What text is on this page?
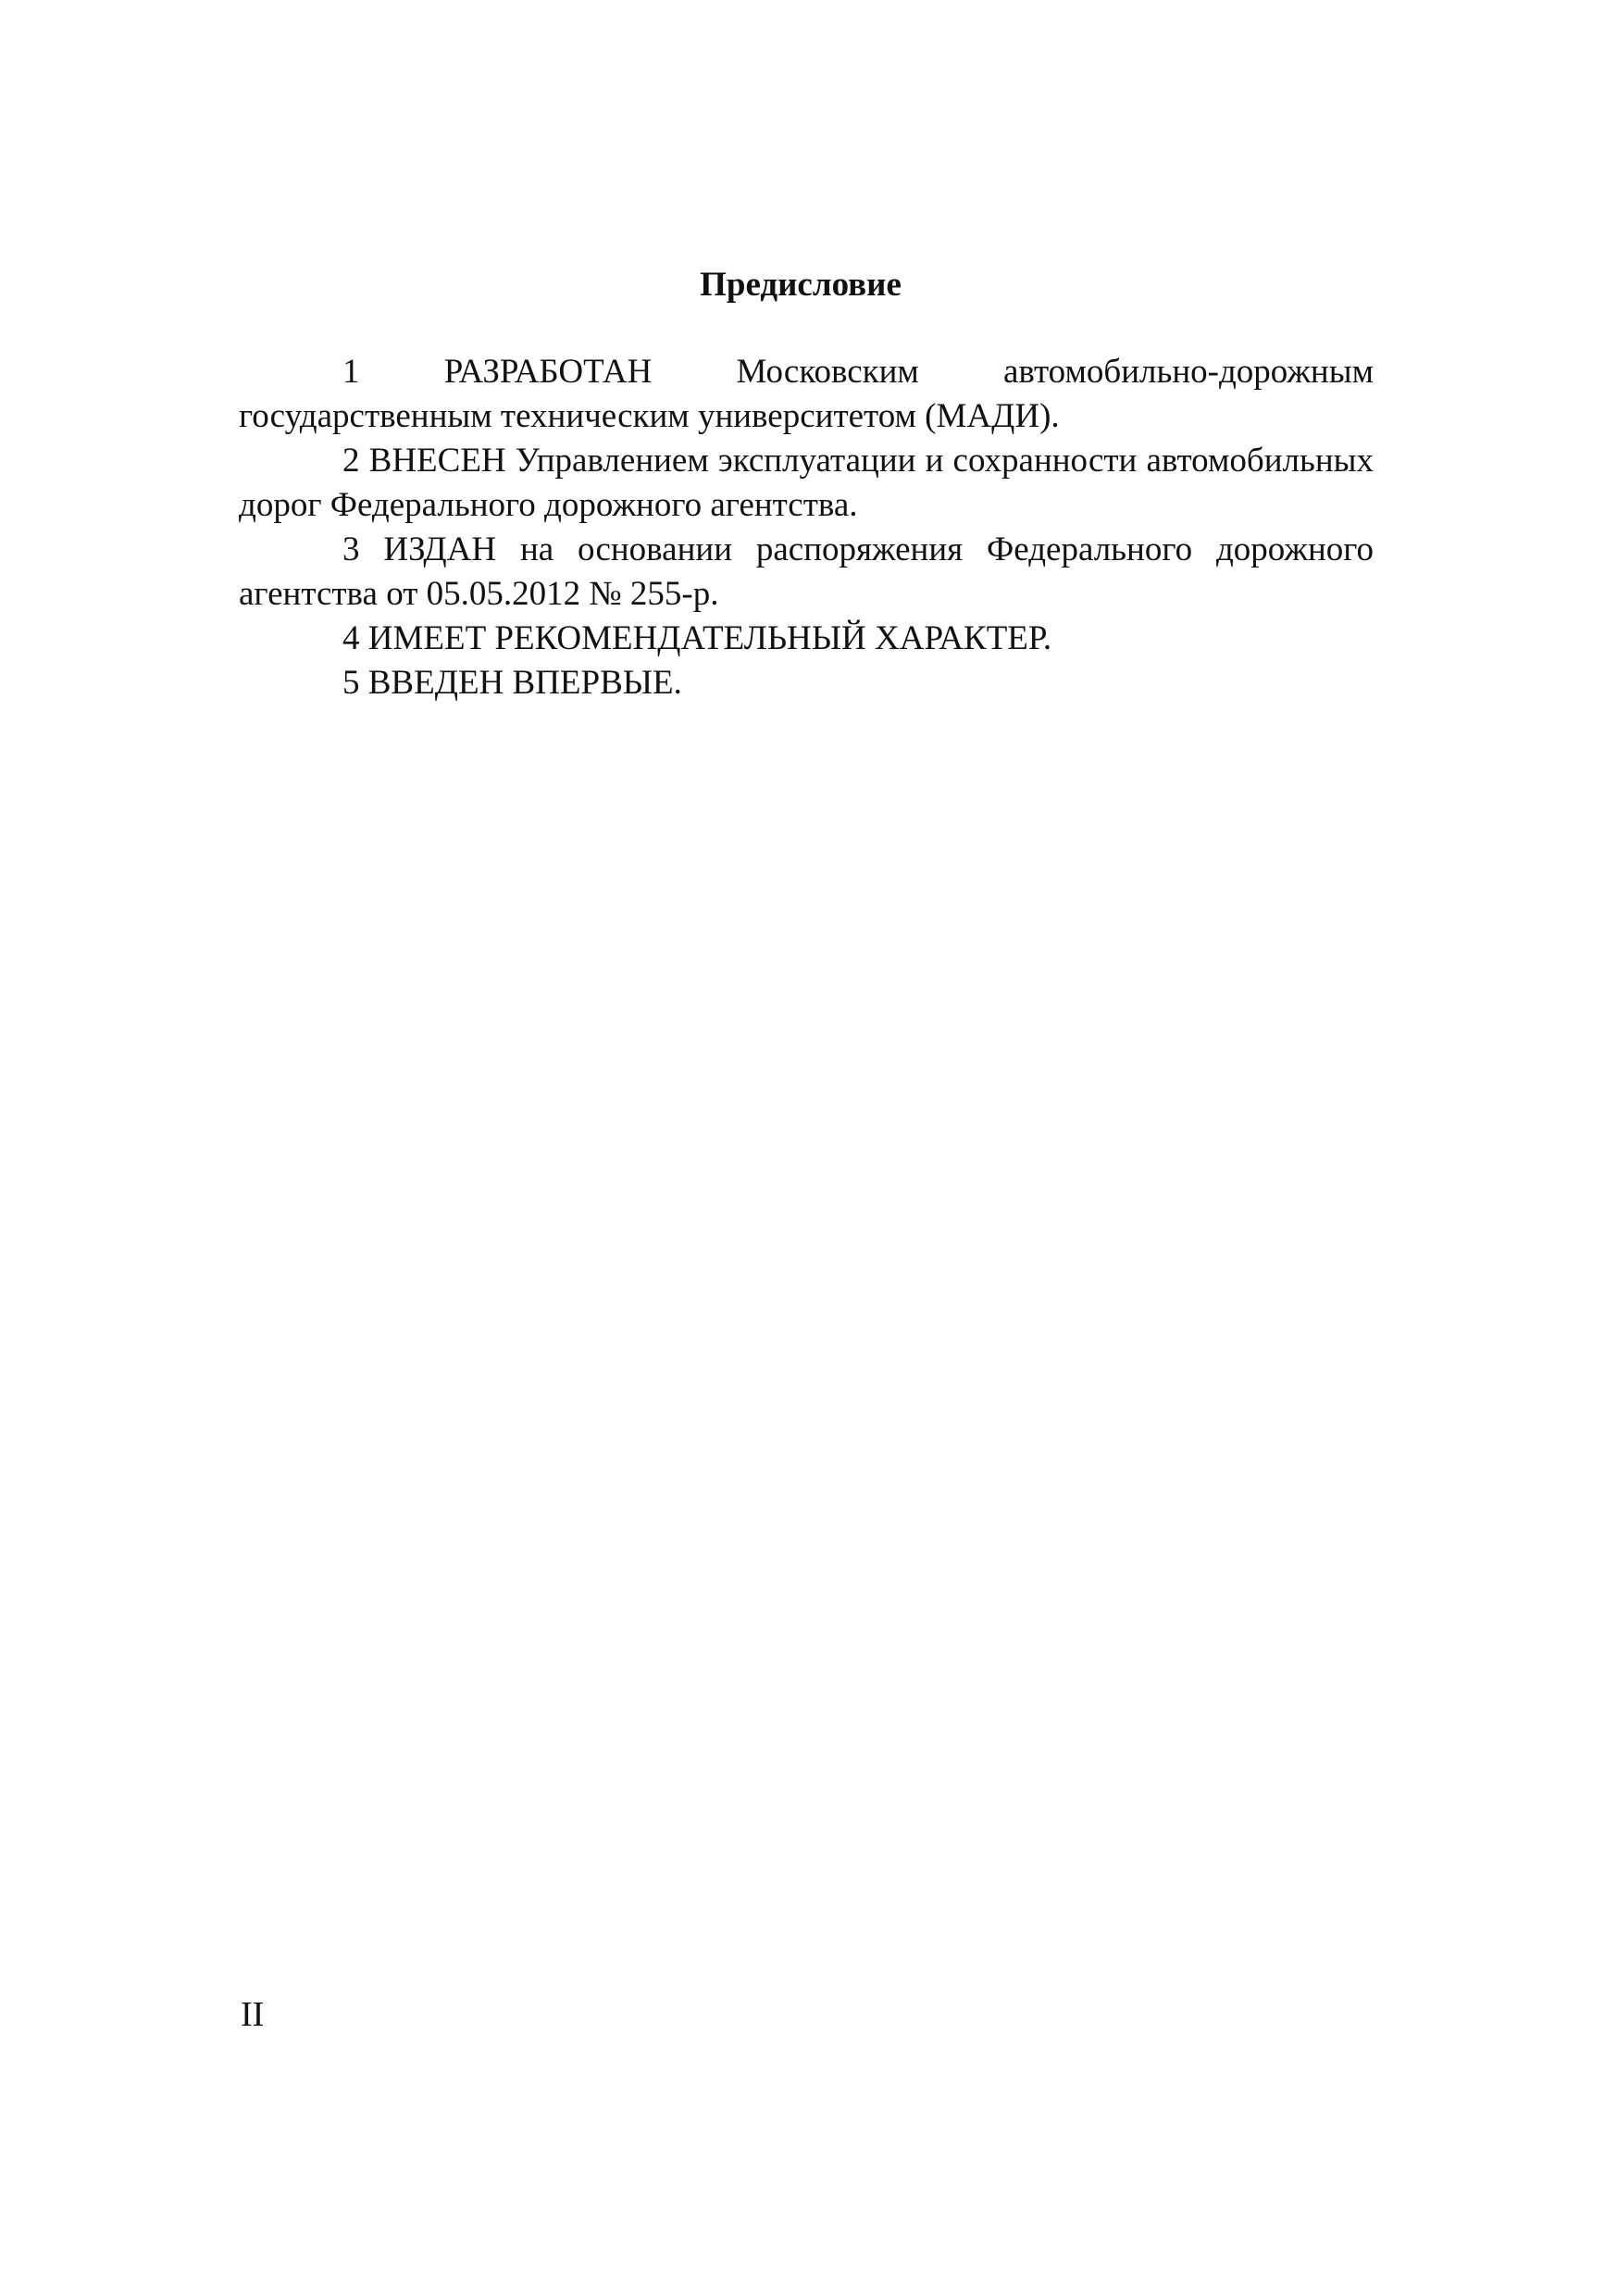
Предисловие

1 РАЗРАБОТАН Московским автомобильно-дорожным государственным техническим университетом (МАДИ).

2 ВНЕСЕН Управлением эксплуатации и сохранности автомобильных дорог Федерального дорожного агентства.

3 ИЗДАН на основании распоряжения Федерального дорожного агентства от 05.05.2012 № 255-р.

4 ИМЕЕТ РЕКОМЕНДАТЕЛЬНЫЙ ХАРАКТЕР.

5 ВВЕДЕН ВПЕРВЫЕ.

II
